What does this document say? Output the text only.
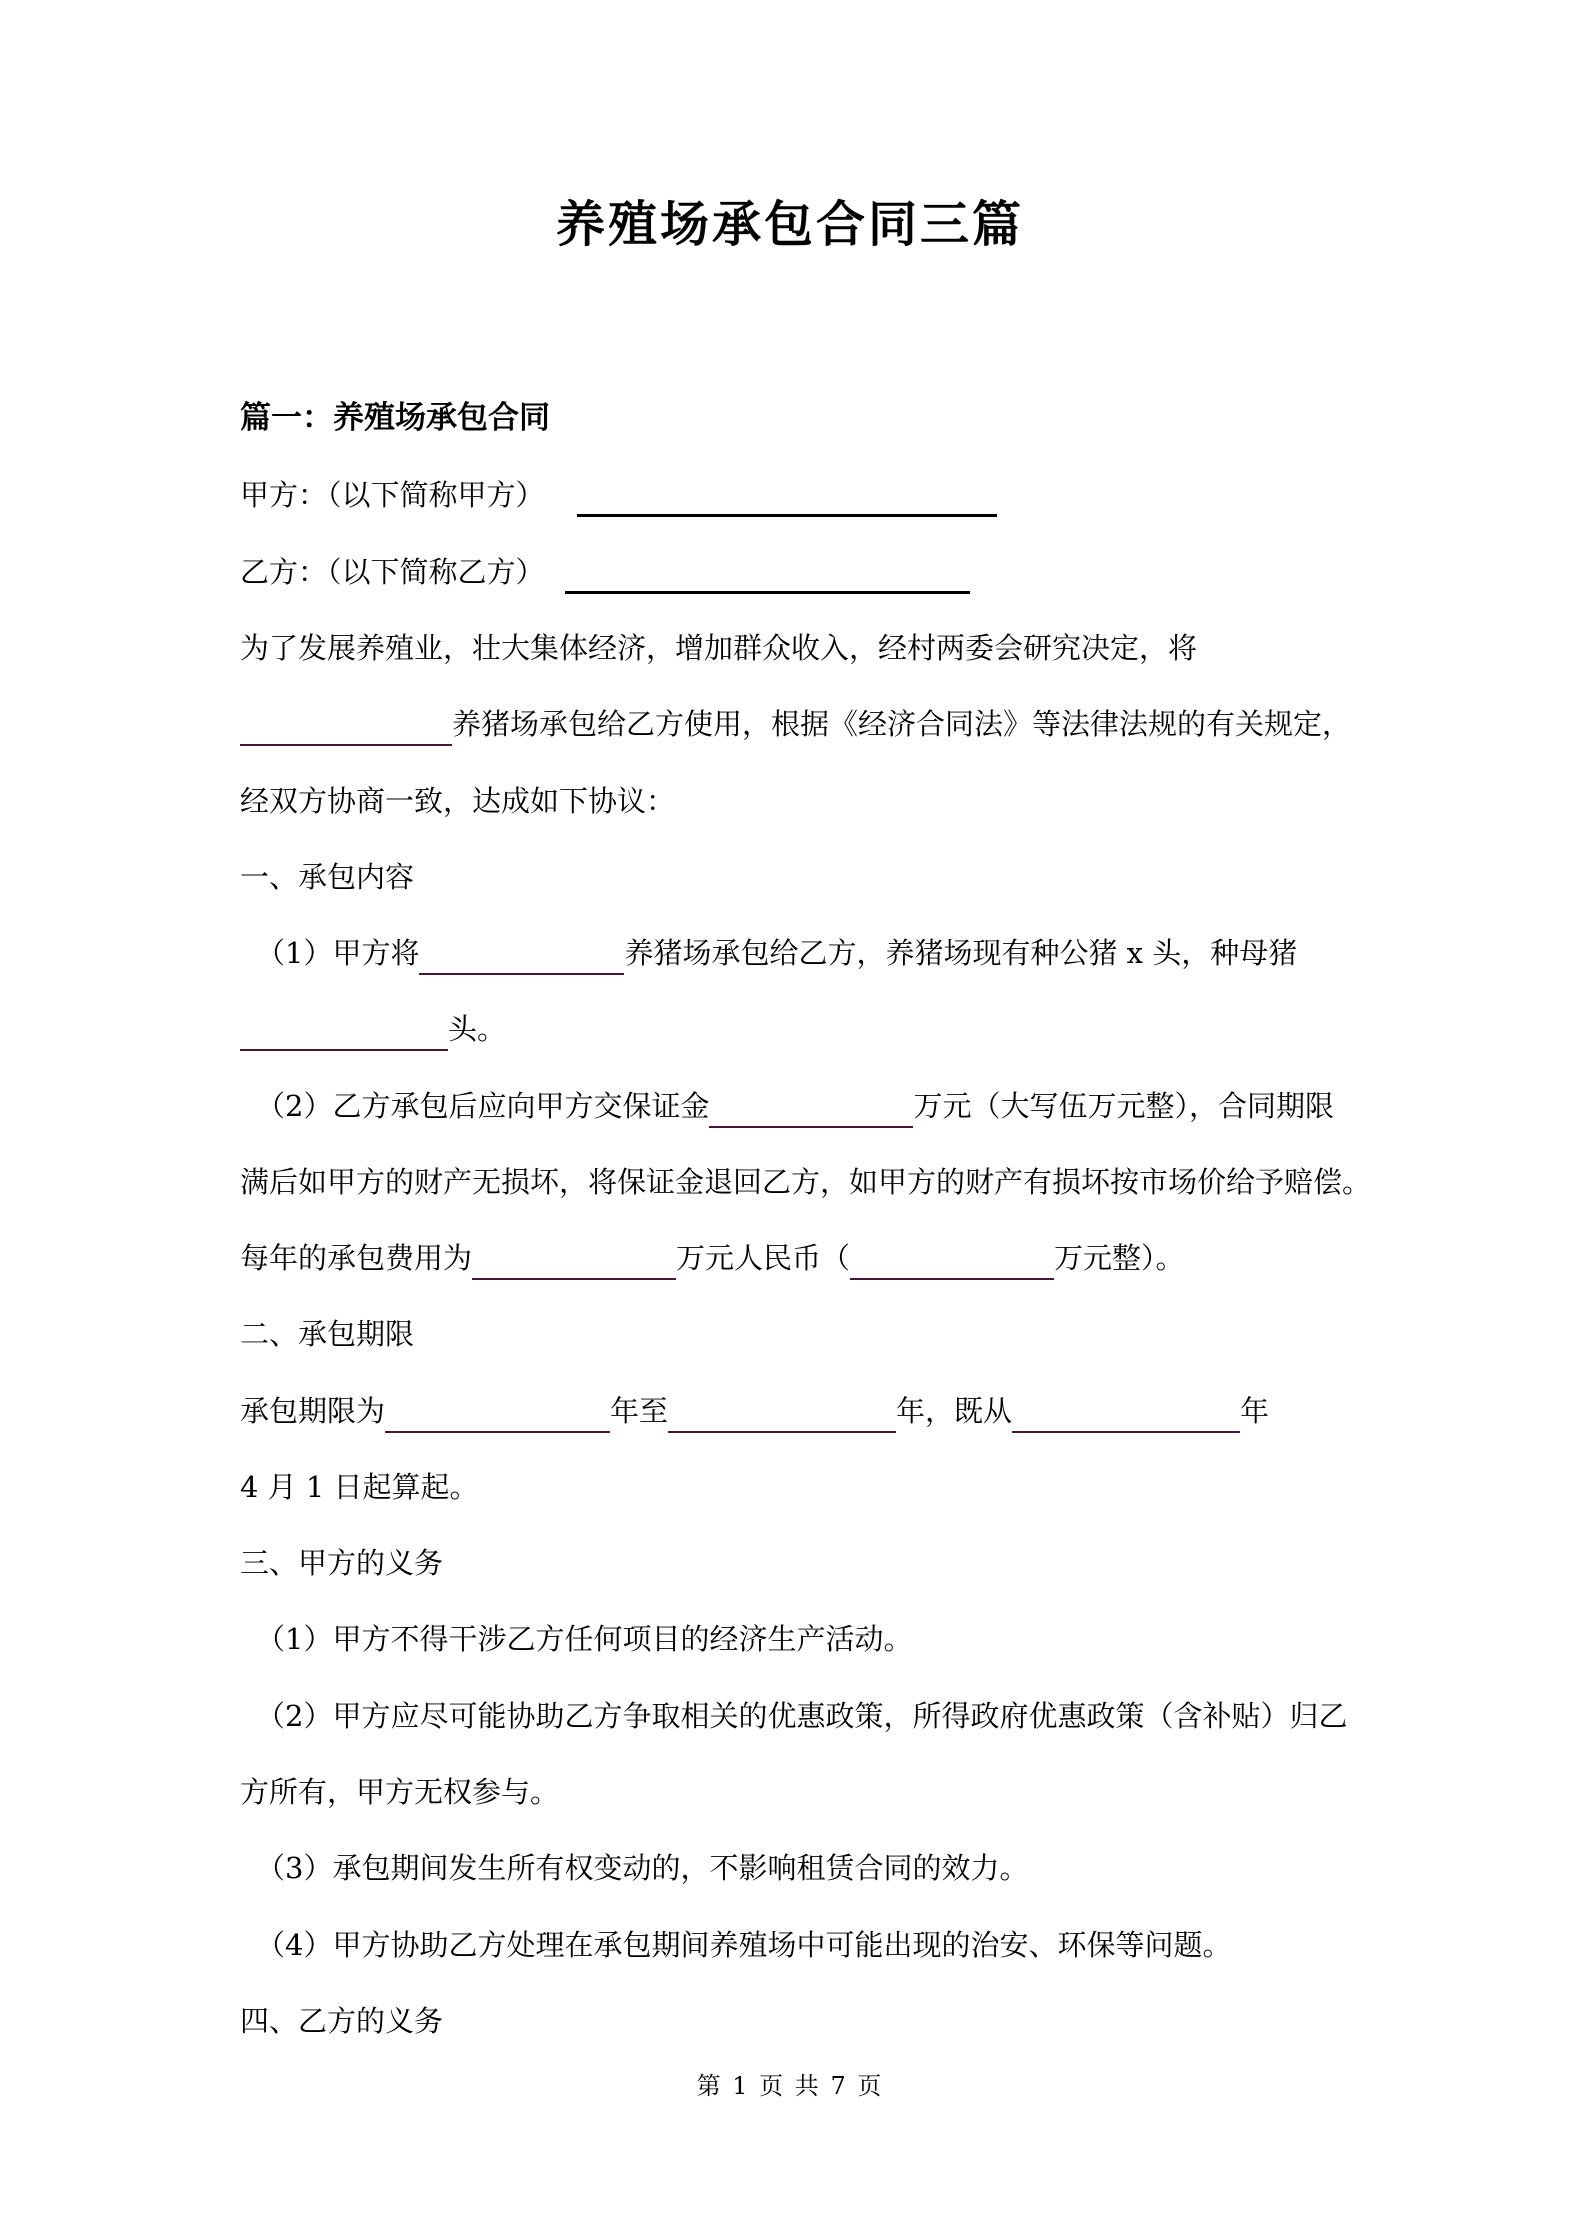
养殖场承包合同三篇
篇一：养殖场承包合同
甲方：（以下简称甲方）
乙方：（以下简称乙方）
为了发展养殖业，壮大集体经济，增加群众收入，经村两委会研究决定，将
养猪场承包给乙方使用，根据《经济合同法》等法律法规的有关规定，
经双方协商一致，达成如下协议：
一、承包内容
（1）甲方将	养猪场承包给乙方，养猪场现有种公猪 x 头，种母猪
头。
（2）乙方承包后应向甲方交保证金	万元（大写伍万元整），合同期限
满后如甲方的财产无损坏，将保证金退回乙方，如甲方的财产有损坏按市场价给予赔偿。
每年的承包费用为	万元人民币（	万元整）。
二、承包期限
承包期限为	年至	年，既从	年
4 月 1 日起算起。
三、甲方的义务
（1）甲方不得干涉乙方任何项目的经济生产活动。
（2）甲方应尽可能协助乙方争取相关的优惠政策，所得政府优惠政策（含补贴）归乙
方所有，甲方无权参与。
（3）承包期间发生所有权变动的，不影响租赁合同的效力。
（4）甲方协助乙方处理在承包期间养殖场中可能出现的治安、环保等问题。
四、乙方的义务
第 1 页 共 7 页
